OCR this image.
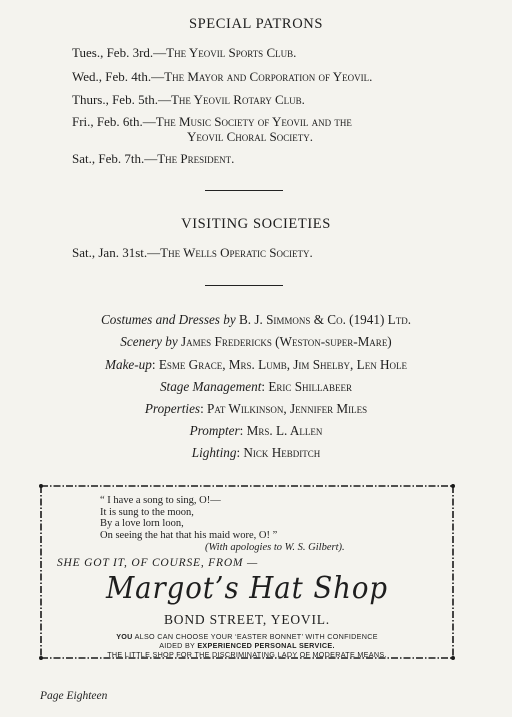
SPECIAL PATRONS
Tues., Feb. 3rd.—The Yeovil Sports Club.
Wed., Feb. 4th.—The Mayor and Corporation of Yeovil.
Thurs., Feb. 5th.—The Yeovil Rotary Club.
Fri., Feb. 6th.—The Music Society of Yeovil and the
Yeovil Choral Society.
Sat., Feb. 7th.—The President.
VISITING SOCIETIES
Sat., Jan. 31st.—The Wells Operatic Society.
Costumes and Dresses by B. J. Simmons & Co. (1941) Ltd.
Scenery by James Fredericks (Weston-super-Mare)
Make-up: Esme Grace, Mrs. Lumb, Jim Shelby, Len Hole
Stage Management: Eric Shillabeer
Properties: Pat Wilkinson, Jennifer Miles
Prompter: Mrs. L. Allen
Lighting: Nick Hebditch
“ I have a song to sing, O!—
It is sung to the moon,
By a love lorn loon,
On seeing the hat that his maid wore, O! ”
(With apologies to W. S. Gilbert).
SHE GOT IT, OF COURSE, FROM —
Margot’s Hat Shop
BOND STREET, YEOVIL.
YOU ALSO CAN CHOOSE YOUR ‘EASTER BONNET’ WITH CONFIDENCE
AIDED BY EXPERIENCED PERSONAL SERVICE.
THE LITTLE SHOP FOR THE DISCRIMINATING LADY OF MODERATE MEANS.
Page Eighteen
